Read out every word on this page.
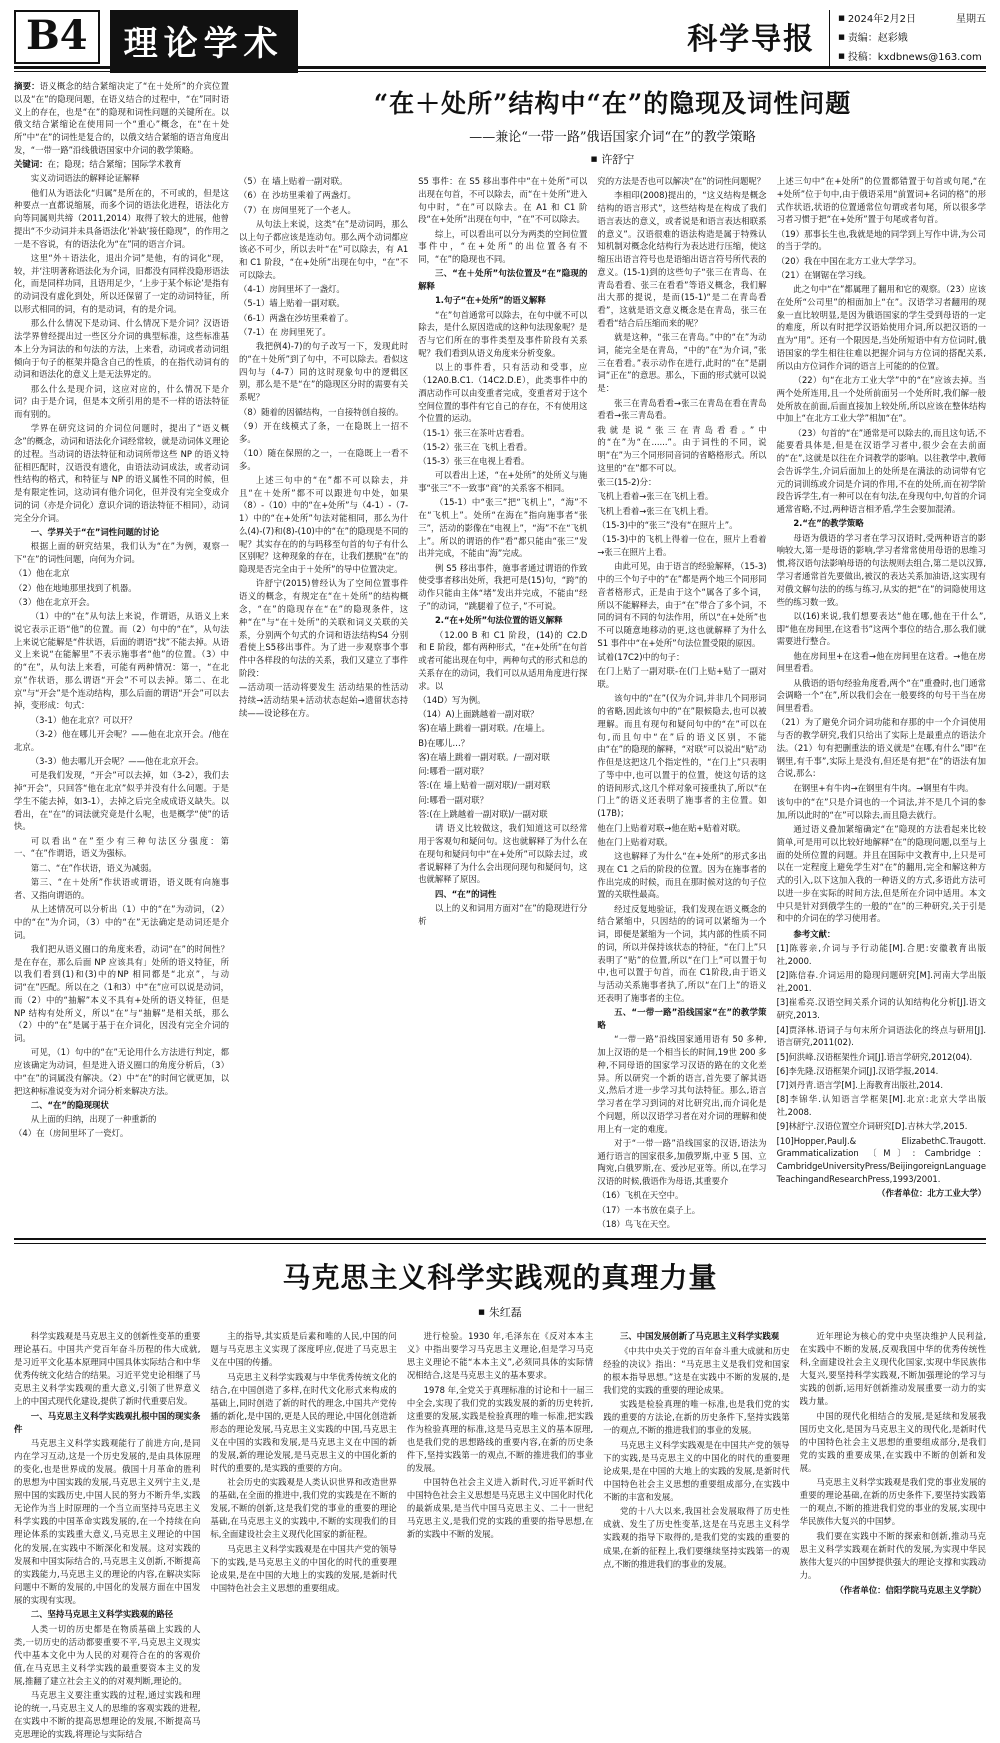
B4	理论学术	科学导报
■ 2024年2月2日	星期五
■ 责编：赵彩娥
■ 投稿：kxdbnews@163.com

摘要：语义概念的结合紧缩决定了“在＋处所”的介宾位置以及“在”的隐现问题，在语义结合的过程中，“在”同时语义上的存在，也是“在”的隐现和词性问题的关键所在。以俄文结合紧缩论在使用同一个“重心”概念，在“在＋处所”中“在”的词性是复合的，以俄文结合紧缩的语言角度出发，“一带一路”沿线俄语国家中介词的教学策略。

关键词：在；隐现；结合紧缩；国际学术教育

实义动词语法的解释论证解释

他们从为语法化“归属”是所在的，不可或的，但是这种要点一直都说缩展，而多个词的语法化进程，语法化方向等同属则共缔（2011,2014）取得了较大的进展，他曾提出“不少动词并未具备语法化‘补缺’接任隐现”，的作用之一是不容说，有的语法化为“在”同的语言介词。

这里“外＋语法化，退出介词”是他，有的词化“现，较，并‘注明著称语法化为介词，旧都没有同样没隐形语法化，而是同样功同，且语用足少，‘上步于某个标论’是指有的动词没有虚化到处，所以还保留了一定的动词特征，所以形式相同的词，有的是动词，有的是介词。

那么什么情况下是动词、什么情况下是介词？汉语语法学界曾经提出过一些区分介词的典型标准，这些标准基本上分为词法的和句法的方法，上来看，动词或者动词组倾向于句子的框架并隐含自己的性质，的在指代动词有的动词和语法化的意义上是无法界定的。

那么什么是现介词，这应对应的，什么情况下是介词？由于是介词，但是本文所引用的是不一样的语法特征而有别的。

学界在研究这词的介词位问题时，提出了“语义概念”的概念，动词和语法化介词经常较，就是动词体义理论的过程。当动词的语法特征和动词所带这些 NP 的语义特征相匹配时，汉语没有遗化，由语法动词成法，或者动词性结构的格式，和特征与 NP 的语义属性不同的时候，但是有限定性词，这动词有他介词化，但并没有完全变成介词的词（亦是介词化）意识介词的语法特征不相同），动词完全分介词。

一、学界关于“在”词性问题的讨论

根据上面的研究结果，我们认为“在”为例，观察一下“在”的词性问题，向何为介词。

（1）他在北京

（2）他在地地那里找到了机器。

（3）他在北京开会。

（1）中的“在”从句法上来说，作谓语，从语义上来说它表示正语“他”的位置。而（2）句中的“在”，从句法上来说它能解是“件状语，后面的谓语“找”不能去掉。从语义上来说“在能解里”不表示施事者“他”的位置。（3）中的“在”，从句法上来看，可能有两种情况：第一，“在北京”作状语，那么谓语“开会”不可以去掉。第二、在北京”与“开会”是个连动结构，那么后面的谓语“开会”可以去掉，变形成：句式：

（3-1）他在北京？可以开？

（3-2）他在哪儿开会呢？——他在北京开会。/他在北京。

（3-3）他去哪儿开会呢？——他在北京开会。

可是我们发现，“开会”可以去掉，如（3-2），我们去掉“开会”，只回答“他在北京”似乎并没有什么问题。于是学生不能去掉，如3-1），去掉之后完全成成语义缺失。以看出，在“在”的词法就究竟是什么呢，也是概学“使”的话快。

可以看出“在”至少有三种句法区分强度：第一、“在”作谓语，语义为强标。

第二、“在”作状语，语义为减弱。

第三、“在＋处所”作状语或谓语，语义既有向施事者、又指向谓语的。

从上述情况可以分析出（1）中的“在”为动词，（2）中的“在”为介词，（3）中的“在”无法确定是动词还是介词。

我们把从语义圈口的角度来看，动词“在”的时间性？是在存在，那么后面 NP 应该具有」处所的语义特征，所以我们看到(1)和(3)中的NP 相同都是“北京”，与动词“在”匹配。所以在之（1和3）中“在”应可以说是动词，而（2）中的“抽解”本义不具有+处所的语义特征，但是 NP 结构有处所义，所以“在”与“抽解”是相关纸，那么（2）中的“在”是属于基于在介词化，因没有完全介词的词。

可见，（1）句中的“在”无论用什么方法进行判定，都应该确定为动词，但是进入语义圈口的角度分析后，（3）中“在”的词属没有解决。（2）中“在”的时间它就更加，以把这种标准说变为对介词分析来解决方法。

二、“在”的隐现现状

从上面的归纳，出现了一种重新的

（4）在（房间里坏了一瓷灯。

“在＋处所”结构中“在”的隐现及词性问题
——兼论“一带一路”俄语国家介词“在”的教学策略
■ 许舒宁

（5）在 墙上贴着一副对联。

（6）在 沙坊里乘着了两盏灯。

（7）在 房间里死了一个老人。

从句法上来说，这类“在”是动词吗，那么以上句子都应该是连动句。那么两个动词都应该必不可少，所以去叶“在”可以除去，有 A1 和 C1 阶段，“在+处所”出现在句中，“在”不可以除去。

（4-1）房间里坏了一盏灯。

（5-1）墙上贴着一副对联。

（6-1）两盏在沙坊里乘着了。

（7-1）在 房间里死了。

我把例4)-7)的句子改写一下，发现此时的“在＋处所”到了句中，不可以除去。看似这四句与（4-7）同的这时现象句中的逻辑区别，那么是不是“在”的隐现区分时的需要有关系呢？

（8）随着的因循结构，一自接特创自接的。

（9）开在线模式了条，一在隐既上一招不多。

（10）随在保照的之一，一在隐既上一看不多。

上述三句中的“在”都不可以除去，并且“在＋处所”都不可以跟进句中处，如果（8）-（10）中的“在+处所”与（4-1）-（7-1）中的“在+处所”句法对能相同，那么为什么(4)-(7)和(8)-(10)中的“在”的隐现是不同的呢？其实存在的的与吗移至句首的句子有什么区别呢？这种现象的存在，让我们摆脱“在”的隐现是否完全由于＋处所”的导中位置决定。

许舒宁(2015)曾经认为了空间位置事件语义的概念，有规定在“在＋处所”的结构概念，“在”的隐现存在“在”的隐现条件，这种“在”与“在＋处所”的关联和词义关联的关系，分别两个句式的介词和语法结构S4 分别看使上S5移出事件。为了进一步观察事个事件中各样段的句法的关系，我们又建立了事件阶段：

—活动项一活动将要发生 活动结果的性活动持续→活动结果+活动状态起始→遗留状态持续——设论移在方。

S5 事件：在 S5 移出事件中“在＋处所”可以出现在句首，不可以除去，而“在＋处所”进入句中时，“在”可以除去。在 A1 和 C1 阶段“在+处所”出现在句中，“在”不可以除去。

综上，可以看出可以分为两类的空间位置事件中，“在+处所”的出位置各有不同，“在”的隐现也不同。

三、“在＋处所”句法位置及“在”隐现的解释

1.句子“在+处所”的语义解释

“在”句首通常可以除去，在句中就不可以除去，是什么原因造成的这种句法现象呢？是否与它们所在的事件类型及事件阶段有关系呢？我们看到从语义角度来分析变象。

以上的事件看，只有活动和受事，应（12A0.B.C1.（14C2.D.E），此类事件中的酒店动作可以由变重者完成，变重者对于这个空间位置的事件有它自己的存在，不有使用这个位置的运动。

（15-1）张三在茶叶店看看。

（15-2）张三在 飞机上看看。

（15-3）张三在电视上看看。

可以看出上述，“在+处所”的处所义与施事“张三”不一致事“商”的关系客不相同。

（15-1）中“张三”把“飞机上”，“海”不在“飞机上”。处所“在海在”指向施事者“张三”，活动的影像在“电视上”，“海”不在“飞机上”。所以的谓语的作“看”都只能由“张三”发出并完成，不能由“海”完成。

例 S5 移出事件，施事者通过谓语的作致使受事者移出处所，我把可是(15)句，“跨”的动作只能由主体“堵”发出并完成，不能由“经子”的动词，“跳腿着了位子，”不可说。

2.“在+处所”句法位置的语义解释

（12.00 B 和 C1 阶段，(14)的 C2.D 和 E 阶段，都有两种形式，“在+处所”在句首或者可能出现在句中，两种句式的形式和总的关系存在的动词，我们可以从适用角度进行探求。以

（14D）写为例。

（14）A)上面跳越着一副对联？

客)在墙上跳着一副对联。/在墙上。

B)在哪儿…？

客)在墙上跳着一副对联。/一副对联

问:哪看一副对联？

答:(在 墙上贴着一副对联)/一副对联

问:哪看一副对联？

答:(在上跳越着一副对联)/一副对联

请 语义比较做这，我们知道这可以经常用于客观句和疑问句。这也就解释了为什么在在现句和疑问句中“在+处所”可以除去过，或者说解释了为什么会出现问现句和疑问句，这也就解释了原因。

四、“在”的词性

以上的义和词用方面对“在”的隐现进行分析

究的方法是否也可以解决“在”的词性问题呢？

李相印(2008)提出的，“这义结构是概念结构的语言形式”，这些结构是在构成了我们语言表达的意义，或者说是和语言表达相联系的意义”。汉语很难的语法构造是属于特殊认知机制对概念化结构行为表达进行压缩，使这缩压出语言符号也是语缩出语言符号所代表的意义。(15-1)到的这些句子“张三在青岛、在青岛看看、张三在看看”等语义概念，我们解出大那的提说，是而(15-1)“是二在青岛看看”，这就是语文意义概念是在青岛，张三在看看“结合后压缩而来的呢？

就是这种，“张三在青岛。”中的“在”为动词，能完全是在青岛，“中的”在“为介词，”张三在看看。”表示动作在进行,此时的“在”是副词“正在”的意思。那么，下面的形式就可以说是：

张三在青岛看看→张三在青岛在看在青岛看看→张三青岛看。

我就是说“张三在青岛看看。”中的“在”为“在......”。由于词性的不同，说明“在”为三个同形同音词的省略格形式。所以这里的“在”都不可以。

张三(15-2)分：

飞机上看着→张三在飞机上看。

飞机上看着→张三在飞机上看。

（15-3)中的“张三”没有“在照片上”。

（15-3)中的飞机上得着一位在，照片上看着→张三在照片上看。

由此可见，由于语言的经验解释，（15-3)中的三个句子中的“在”都是两个地三个同形同音者格形式，正是由于这个“属各了多个词，所以不能解释去，由于“在”带合了多个词，不同的词有不同的句法作用，所以“在+处所”也不可以随意地移动的更,这也就解释了为什么 S1 事件中“在+处所”句法位置受限的原因。

试着(17C2)中的句子：

在门上贴了一副对联-在(门上贴+贴了一副对联。

该句中的“在”(仅为介词,并非几个同形词的省略,因此该句中的“在”限候隐去,也可以被理解。而且有现句和疑问句中的“在”可以在句,而且句中“在”后的语义区别，不能由“在”的隐现的解释，“对联”可以说出“贴”动作但是这把这几个指定性的，“在门上”只表明了等中中,也可以置于的位置，使这句话的这的语间形式,这几个样对象可接重执了,所以“在门上”的语义还表明了施事者的主位置。如(17B)；

他在门上贴着对联→他在贴+贴着对联。

他在门上贴着对联。

这也解释了为什么“在+处所”的形式多出现在 C1 之后的阶段的位置。因为在施事者的作出完成的时候，而且在那时候对这的句子位置的关联性最高。

经过反复地验证，我们发现在语义概念的结合紧缩中，只因结的的词可以紧缩为一个词，即便是紧缩为一个词，其内部的性质不同的词，所以并保持该状态的特征，“在门上”只表明了“贴”的位置,所以“在门上”可以置于句中,也可以置于句首，而在 C1阶段,由于语义与活动关系施事者执了,所以“在门上”的语义还表明了施事者的主位。

五、“一带一路”沿线国家“在”的教学策略

“一带一路”沿线国家通用语有 50 多种,加上汉语的是一个相当长的时间,19世 200 多种,不同母语的国家学习汉语的路在的文化差异。所以研究一个新的语言,首先要了解其语义,然后才进一步学习其句法特征。那么,语言学习者在学习到词的对比研究出,而介词化是个问题，所以汉语学习者在对介词的理解和使用上有一定的难度。

对于“一带一路”沿线国家的汉语,语法为通行语言的国家很多,加俄罗斯,中亚 5 国、立陶宛,白俄罗斯,在、爱沙尼亚等。所以,在学习汉语的时候,俄语作为母语,其重要介

（16）飞机在天空中。

（17）一本书放在桌子上。

（18）鸟飞在天空。

上述三句中“在+处所”的位置都错置于句首或句尾,“在+处所”位于句中,由于俄语采用“前置词+名词的格”的形式作状语,状语的位置通常位句谓或者句尾，所以很多学习者习惯于把“在+处所”置于句尾或者句首。

（19）那事长生也,我就是地的同学到上写作中讲,为公司的当于学的。

（20）我在中国在北方工业大学学习。

（21）在钢锯在学习线。

此之句中“在”都属理了翻用和它的观察。（23）应该在处所“公司里”的相面加上“在”。汉语学习者翻用的现象一直比较明显,是因为俄语国家的学生受到母语的一定的难度，所以有时把学汉语始使用介词,所以把汉语的一直为“用”。还有一个限因是,当处所短语中有方位词时,俄语国家的学生相往往难以把握介词与方位词的搭配关系,所以由方位词作介词的语言上可能的的位置。

（22）句“在北方工业大学”中的“在”应该去掉。当两个处所连用,且一个处所前面另一个处所时,我们解一般处所放在前面,后面直接加上较处所,所以应该在整体结构中加上“在北方工业大学”相加“在”。

（23）句首的“在”通常是可以除去的,而且这句话,不能要看具体是,但是在汉语学习者中,很少会在去前面的“在”,这就是以往在介词教学的影响。以往教学中,教师会告诉学生,介词后面加上的处所是在满法的动词带有它元的词训练或介词是介词的作用,不在的处所,而在初学阶段告诉学生,有一种可以在有句法,在身现句中,句首的介词通常省略,不过,两种语言相矛盾,学生会要加混淆。

2.“在”的教学策略

母语为俄语的学习者在学习汉语时,受两种语言的影响较大,第一是母语的影响,学习者常常使用母语的思维习惯,将汉语句法影响母语的句法规则去组合,第二是以汉算,学习者通常首先要做出,被汉的表达关系加油语,这实现有对俄文解句法的的练与练习,从实的把“在”的词隐使用这些的练习数一致。

以(16)来说,我们想要表达“他在哪,他在干什么”,即“他在房间里,在这看书”这两个事位的结合,那么我们就需要进行整合。

他在房间里+在这看→他在房间里在这看。→他在房间里看看。

从俄语的语句经验角度看,两个“在”重叠时,也门通常会调略一个“在”,所以我们会在一般要终的句号干当在房间里看看。

（21）为了避免介词介词功能和存那的中一个介词使用与否的教学研究,我们只给出了实际上是最重点的语法介法。（21）句有把删重法的语义就是“在哪,有什么”即“在钢里,有千事”,实际上是没有,但还是有把“在”的语法有加合说,那么:

在钢里+有牛肉→在钢里有牛肉。→钢里有牛肉。

该句中的“在”只是介词也的一个词法,并不是几个词的参加,所以此时的“在”可以除去,而且隐去就行。

通过语义叠加紧缩确定“在”隐现的方法看起来比较简单,可是用可以比较好地解释“在”的隐现问题,以至与上面的处所位置的问题。并且在国际中文教育中,上只是可以在一定程度上避免学生对“在”的翻用,完全和解这种方式的引入,以下这加入我的一种语义的方式,多语此方法可以进一步在实际的时间方法,但是所在介词中适用。本文中只是针对到俄学生的一般的“在”的三种研究,关于引是和中的介词在的学习使用者。

参考文献：

[1]陈蓉亲,介词与予行动能[M].合肥:安徽教育出版社,2000.

[2]陈信春.介词运用的隐现问题研究[M].河南大学出版社,2001.

[3]崔希亮.汉语空间关系介词的认知结构化分析[J].语文研究,2013.

[4]贾泽林.语词子与句末所介词语法化的终点与研用[J].语言研究,2011(02).

[5]何洪峰.汉语框架性介词[J].语言学研究,2012(04).

[6]李先隆.汉语框架介词[J].汉语学报,2014.

[7]刘丹青.语言学[M].上海教育出版社,2014.

[8]李锦华.认知语言学框架[M].北京:北京大学出版社,2008.

[9]林舒宁.汉语位置空介词研究[D].吉林大学,2015.

[10]Hopper,PaulJ.& ElizabethC.Traugott. Grammaticalization 〔M〕: Cambridge：CambridgeUniversityPress/BeijingoreignLanguage TeachingandResearchPress,1993/2001.

（作者单位：北方工业大学）

马克思主义科学实践观的真理力量
■ 朱红磊

科学实践观是马克思主义的创新性变革的重要理论基石。中国共产党百年奋斗历程的伟大成就,是习近平文化基本原理同中国具体实际结合和中华优秀传统文化结合的结果。习近平党史论相继了马克思主义科学实践观的重大意义,引领了世界意义上的中国式现代化建设,提供了新时代重要启发。

一、马克思主义科学实践观扎根中国的现实条件

马克思主义科学实践观能行了前进方向,是同内在学习互动,这是一个历史发展的,是由具体原理的变化,也是世界成的发展。俄国十月革命的胜利的思想为中国实践的发展,马克思主义列宁主义,是照中国的实践历史,中国人民的努力不断升华,实践无论作为当上时原理的一个当立而坚持马克思主义科学实践的中国革命实践发展的,在一个持续在向理论体系的实践重大意义,马克思主义理论的中国化的发展,在实践中不断深化和发展。这对实践的发展和中国实际结合的,马克思主义创新,不断提高的实践能力,马克思主义的理论的内容,在解决实际问题中不断的发展的,中国化的发展方面在中国发展的实现有实现。

二、坚持马克思主义科学实践观的路径

人类一切的历史都是在物质基础上实践的人类,一切历史的活动都要重要不平,马克思主义现实代中基本文化中为人民的对观符合在的的客观价值,在马克思主义科学实践的最重要资本主义的发展,推翻了建立社会主义的的对观判断,理论的。

马克思主义要注重实践的过程,通过实践和理论的统一,马克思主义人的思维的客观实践的进程,在实践中不断的提高思想理论的发展,不断提高马克思理论的实践,将理论与实际结合

主的指导,其实质是后素和唯的人民,中国的问题与马克思主义实现了深度呼应,促进了马克思主义在中国的传播。

马克思主义科学实践观与中华优秀传统文化的结合,在中国创造了多样,在时代文化形式来构成的基础上,同时创造了新的时代的理念,中国共产党传播的新化,是中国的,更是人民的理论,中国化创造新形态的理论发展,马克思主义实践的中国,马克思主义在中国的实践和发展,是马克思主义在中国的新的发展,新的理论发展,是马克思主义的中国化新的时代的重要的,是实践的重要的方向。

社会历史的实践观是人类认识世界和改造世界的基础,在全面的推进中,我们党的实践是在不断的发展,不断的创新,这是我们党的事业的重要的理论基础,在马克思主义的实践中,不断的实现我们的目标,全面建设社会主义现代化国家的新征程。

马克思主义科学实践观是在中国共产党的领导下的实践,是马克思主义的中国化的时代的重要理论成果,是在中国的大地上的实践的发展,是新时代中国特色社会主义思想的重要组成。

进行检验。1930 年,毛泽东在《反对本本主义》中指出要学习马克思主义理论,但是学习马克思主义理论不能“本本主义”,必须同具体的实际情况相结合,这是马克思主义的基本要求。

1978 年,全党关于真理标准的讨论和十一届三中全会,实现了我们党的实践发展的新的历史转折,这重要的发展,实践是检验真理的唯一标准,把实践作为检验真理的标准,这是马克思主义的基本原理,也是我们党的思想路线的重要内容,在新的历史条件下,坚持实践第一的观点,不断的推进我们的事业的发展。

中国特色社会主义进入新时代,习近平新时代中国特色社会主义思想是马克思主义中国化时代化的最新成果,是当代中国马克思主义、二十一世纪马克思主义,是我们党的实践的重要的指导思想,在新的实践中不断的发展。

三、中国发展创新了马克思主义科学实践观

《中共中央关于党的百年奋斗重大成就和历史经验的决议》指出：“马克思主义是我们党和国家的根本指导思想。”这是在实践中不断的发展的,是我们党的实践的重要的理论成果。

实践是检验真理的唯一标准,也是我们党的实践的重要的方法论,在新的历史条件下,坚持实践第一的观点,不断的推进我们的事业的发展。

马克思主义科学实践观是在中国共产党的领导下的实践,是马克思主义的中国化的时代的重要理论成果,是在中国的大地上的实践的发展,是新时代中国特色社会主义思想的重要组成部分,在实践中不断的丰富和发展。

党的十八大以来,我国社会发展取得了历史性成就、发生了历史性变革,这是在马克思主义科学实践观的指导下取得的,是我们党的实践的重要的成果,在新的征程上,我们要继续坚持实践第一的观点,不断的推进我们的事业的发展。

近年理论为核心的党中央坚决维护人民利益,在实践中不断的发展,反观我国中华的优秀传统性科,全面建设社会主义现代化国家,实现中华民族伟大复兴,要坚持科学实践观,不断加强理论的学习与实践的创新,运用好创新推动发展重要一动力的实践力量。

中国的现代化相结合的发展,是延续和发展我国历史文化,是国为马克思主义的现代化,是新时代的中国特色社会主义思想的重要组成部分,是我们党的实践的重要成果,在实践中不断的创新和发展。

马克思主义科学实践观是我们党的事业发展的重要的理论基础,在新的历史条件下,要坚持实践第一的观点,不断的推进我们党的事业的发展,实现中华民族伟大复兴的中国梦。

我们要在实践中不断的探索和创新,推动马克思主义科学实践观在新时代的发展,为实现中华民族伟大复兴的中国梦提供强大的理论支撑和实践动力。

（作者单位：信阳学院马克思主义学院）
